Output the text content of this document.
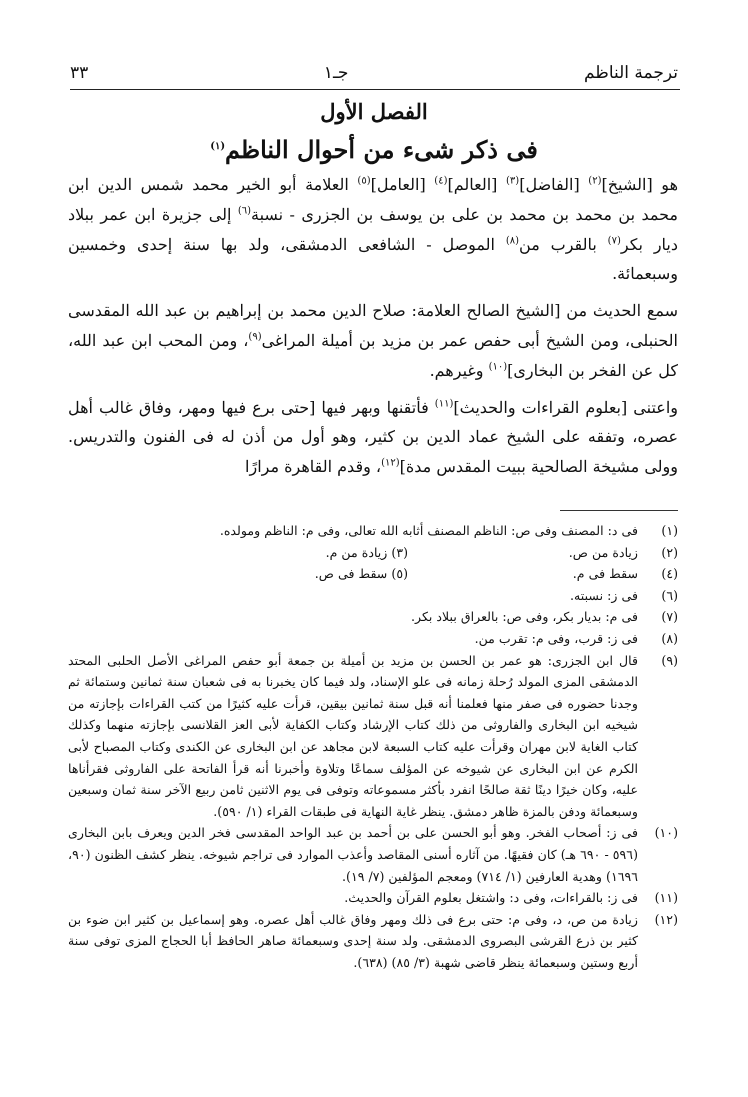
ترجمة الناظم
جـ١
٣٣
الفصل الأول
فى ذكر شىء من أحوال الناظم$^{(١)}$

هو [الشيخ]$^{(٢)}$ [الفاضل]$^{(٣)}$ [العالم]$^{(٤)}$ [العامل]$^{(٥)}$ العلامة أبو الخير محمد شمس الدين ابن محمد بن محمد بن محمد بن على بن يوسف بن الجزرى - نسبة$^{(٦)}$ إلى جزيرة ابن عمر ببلاد ديار بكر$^{(٧)}$ بالقرب من$^{(٨)}$ الموصل - الشافعى الدمشقى، ولد بها سنة إحدى وخمسين وسبعمائة.

سمع الحديث من [الشيخ الصالح العلامة: صلاح الدين محمد بن إبراهيم بن عبد الله المقدسى الحنبلى، ومن الشيخ أبى حفص عمر بن مزيد بن أميلة المراغى$^{(٩)}$، ومن المحب ابن عبد الله، كل عن الفخر بن البخارى]$^{(١٠)}$ وغيرهم.

واعتنى [بعلوم القراءات والحديث]$^{(١١)}$ فأتقنها وبهر فيها [حتى برع فيها ومهر، وفاق غالب أهل عصره، وتفقه على الشيخ عماد الدين بن كثير، وهو أول من أذن له فى الفنون والتدريس. وولى مشيخة الصالحية ببيت المقدس مدة]$^{(١٢)}$، وقدم القاهرة مرارًا

(١)
فى د: المصنف وفى ص: الناظم المصنف أثابه الله تعالى، وفى م: الناظم ومولده.
(٢)
زيادة من ص.
(٣) زيادة من م.
(٤)
سقط فى م.
(٥) سقط فى ص.
(٦)
فى ز: نسبته.
(٧)
فى م: بديار بكر، وفى ص: بالعراق ببلاد بكر.
(٨)
فى ز: قرب، وفى م: تقرب من.
(٩)
قال ابن الجزرى: هو عمر بن الحسن بن مزيد بن أميلة بن جمعة أبو حفص المراغى الأصل الحلبى المحتد الدمشقى المزى المولد رُحلة زمانه فى علو الإسناد، ولد فيما كان يخبرنا به فى شعبان سنة ثمانين وستمائة ثم وجدنا حضوره فى صفر منها فعلمنا أنه قبل سنة ثمانين بيقين، قرأت عليه كثيرًا من كتب القراءات بإجازته من شيخيه ابن البخارى والفاروثى من ذلك كتاب الإرشاد وكتاب الكفاية لأبى العز القلانسى بإجازته منهما وكذلك كتاب الغاية لابن مهران وقرأت عليه كتاب السبعة لابن مجاهد عن ابن البخارى عن الكندى وكتاب المصباح لأبى الكرم عن ابن البخارى عن شيوخه عن المؤلف سماعًا وتلاوة وأخبرنا أنه قرأ الفاتحة على الفاروثى فقرأناها عليه، وكان خيرًا دينًا ثقة صالحًا انفرد بأكثر مسموعاته وتوفى فى يوم الاثنين ثامن ربيع الآخر سنة ثمان وسبعين وسبعمائة ودفن بالمزة ظاهر دمشق. ينظر غاية النهاية فى طبقات القراء (١/ ٥٩٠).
(١٠)
فى ز: أصحاب الفخر. وهو أبو الحسن على بن أحمد بن عبد الواحد المقدسى فخر الدين ويعرف بابن البخارى (٥٩٦ - ٦٩٠ هـ) كان فقيهًا. من آثاره أسنى المقاصد وأعذب الموارد فى تراجم شيوخه. ينظر كشف الظنون (٩٠، ١٦٩٦) وهدية العارفين (١/ ٧١٤) ومعجم المؤلفين (٧/ ١٩).
(١١)
فى ز: بالقراءات، وفى د: واشتغل بعلوم القرآن والحديث.
(١٢)
زيادة من ص، د، وفى م: حتى برع فى ذلك ومهر وفاق غالب أهل عصره. وهو إسماعيل بن كثير ابن ضوء بن كثير بن ذرع القرشى البصروى الدمشقى. ولد سنة إحدى وسبعمائة صاهر الحافظ أبا الحجاج المزى توفى سنة أربع وستين وسبعمائة ينظر قاضى شهبة (٣/ ٨٥) (٦٣٨).
